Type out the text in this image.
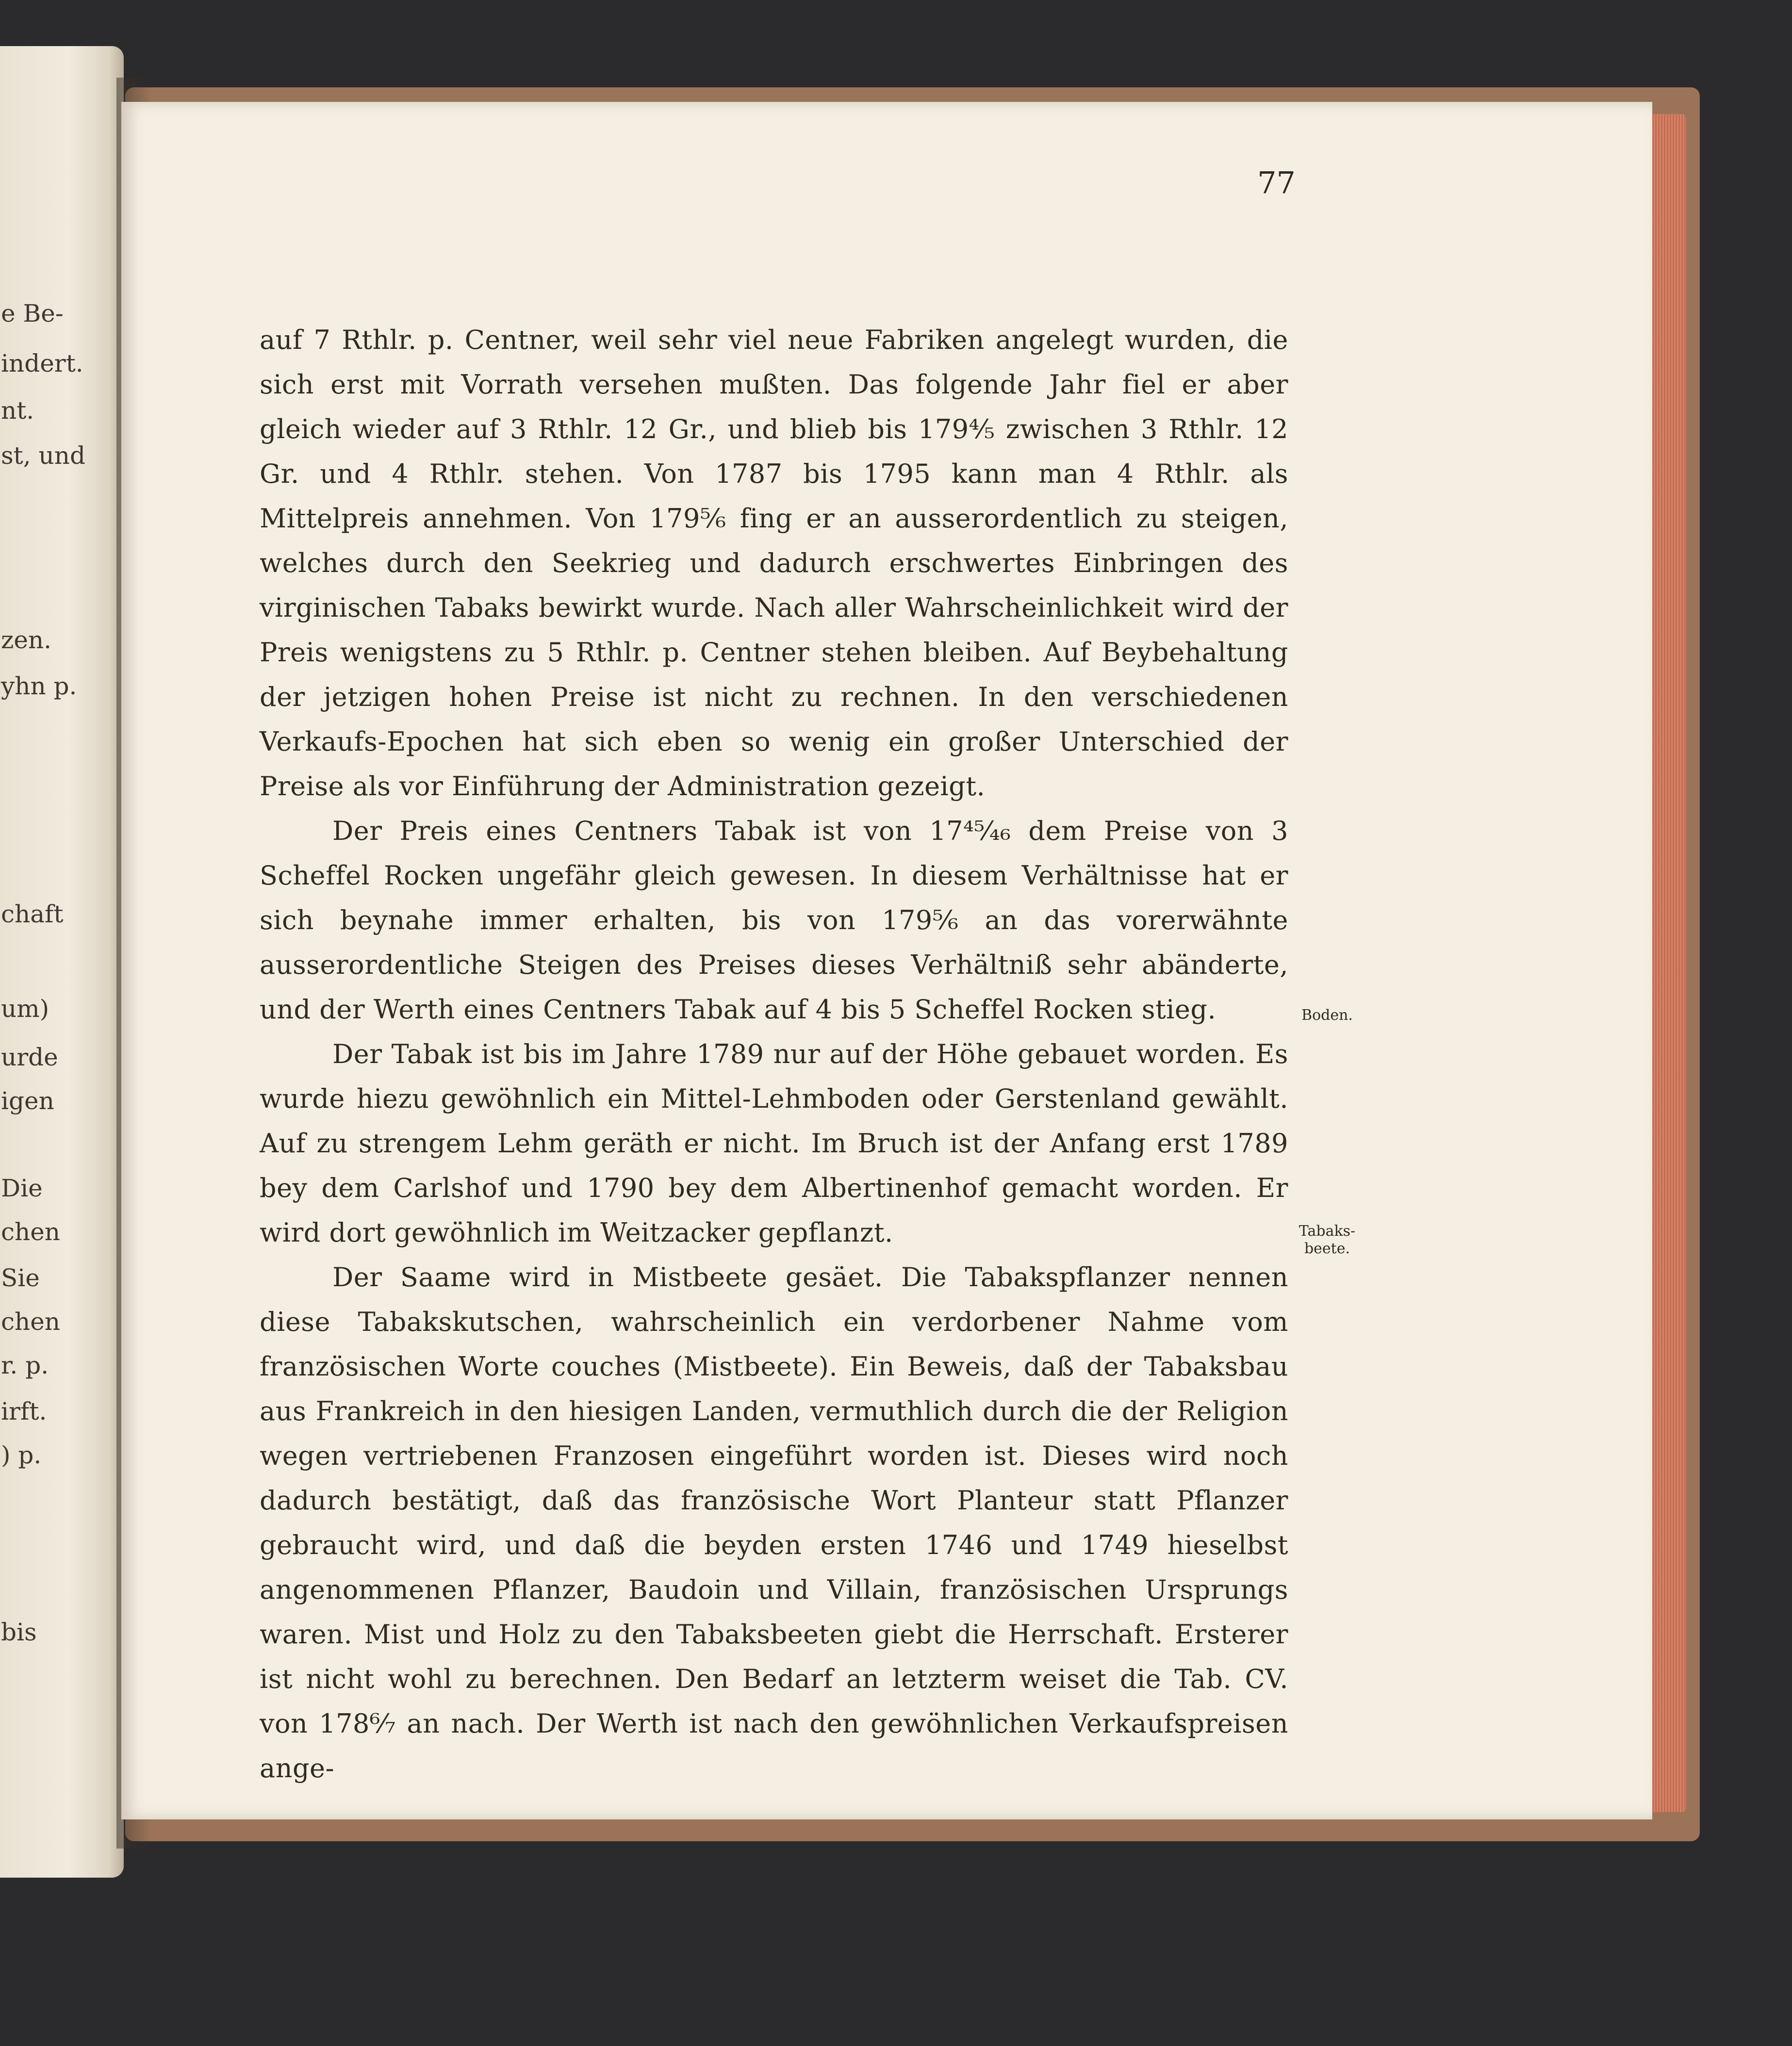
e Be-
indert.
nt.
st, und
zen.
yhn p.
chaft
um)
urde
igen
Die
chen
Sie
chen
r. p.
irft.
) p.
bis
77

auf 7 Rthlr. p. Centner, weil sehr viel neue Fabriken angelegt wurden, die sich erst mit Vorrath versehen mußten. Das folgende Jahr fiel er aber gleich wieder auf 3 Rthlr. 12 Gr., und blieb bis 179⁴⁄₅ zwischen 3 Rthlr. 12 Gr. und 4 Rthlr. stehen. Von 1787 bis 1795 kann man 4 Rthlr. als Mittelpreis annehmen. Von 179⁵⁄₆ fing er an ausserordentlich zu steigen, welches durch den Seekrieg und dadurch erschwertes Einbringen des virginischen Tabaks bewirkt wurde. Nach aller Wahrscheinlichkeit wird der Preis wenigstens zu 5 Rthlr. p. Centner stehen bleiben. Auf Beybehaltung der jetzigen hohen Preise ist nicht zu rechnen. In den verschiedenen Verkaufs-Epochen hat sich eben so wenig ein großer Unterschied der Preise als vor Einführung der Administration gezeigt.

Der Preis eines Centners Tabak ist von 17⁴⁵⁄₄₆ dem Preise von 3 Scheffel Rocken ungefähr gleich gewesen. In diesem Verhältnisse hat er sich beynahe immer erhalten, bis von 179⁵⁄₆ an das vorerwähnte ausserordentliche Steigen des Preises dieses Verhältniß sehr abänderte, und der Werth eines Centners Tabak auf 4 bis 5 Scheffel Rocken stieg.

Der Tabak ist bis im Jahre 1789 nur auf der Höhe gebauet worden. Es wurde hiezu gewöhnlich ein Mittel-Lehmboden oder Gerstenland gewählt. Auf zu strengem Lehm geräth er nicht. Im Bruch ist der Anfang erst 1789 bey dem Carlshof und 1790 bey dem Albertinenhof gemacht worden. Er wird dort gewöhnlich im Weitzacker gepflanzt.

Der Saame wird in Mistbeete gesäet. Die Tabakspflanzer nennen diese Tabakskutschen, wahrscheinlich ein verdorbener Nahme vom französischen Worte couches (Mistbeete). Ein Beweis, daß der Tabaksbau aus Frankreich in den hiesigen Landen, vermuthlich durch die der Religion wegen vertriebenen Franzosen eingeführt worden ist. Dieses wird noch dadurch bestätigt, daß das französische Wort Planteur statt Pflanzer gebraucht wird, und daß die beyden ersten 1746 und 1749 hieselbst angenommenen Pflanzer, Baudoin und Villain, französischen Ursprungs waren. Mist und Holz zu den Tabaksbeeten giebt die Herrschaft. Ersterer ist nicht wohl zu berechnen. Den Bedarf an letzterm weiset die Tab. CV. von 178⁶⁄₇ an nach. Der Werth ist nach den gewöhnlichen Verkaufspreisen ange-

Boden.
Tabaks-
beete.
